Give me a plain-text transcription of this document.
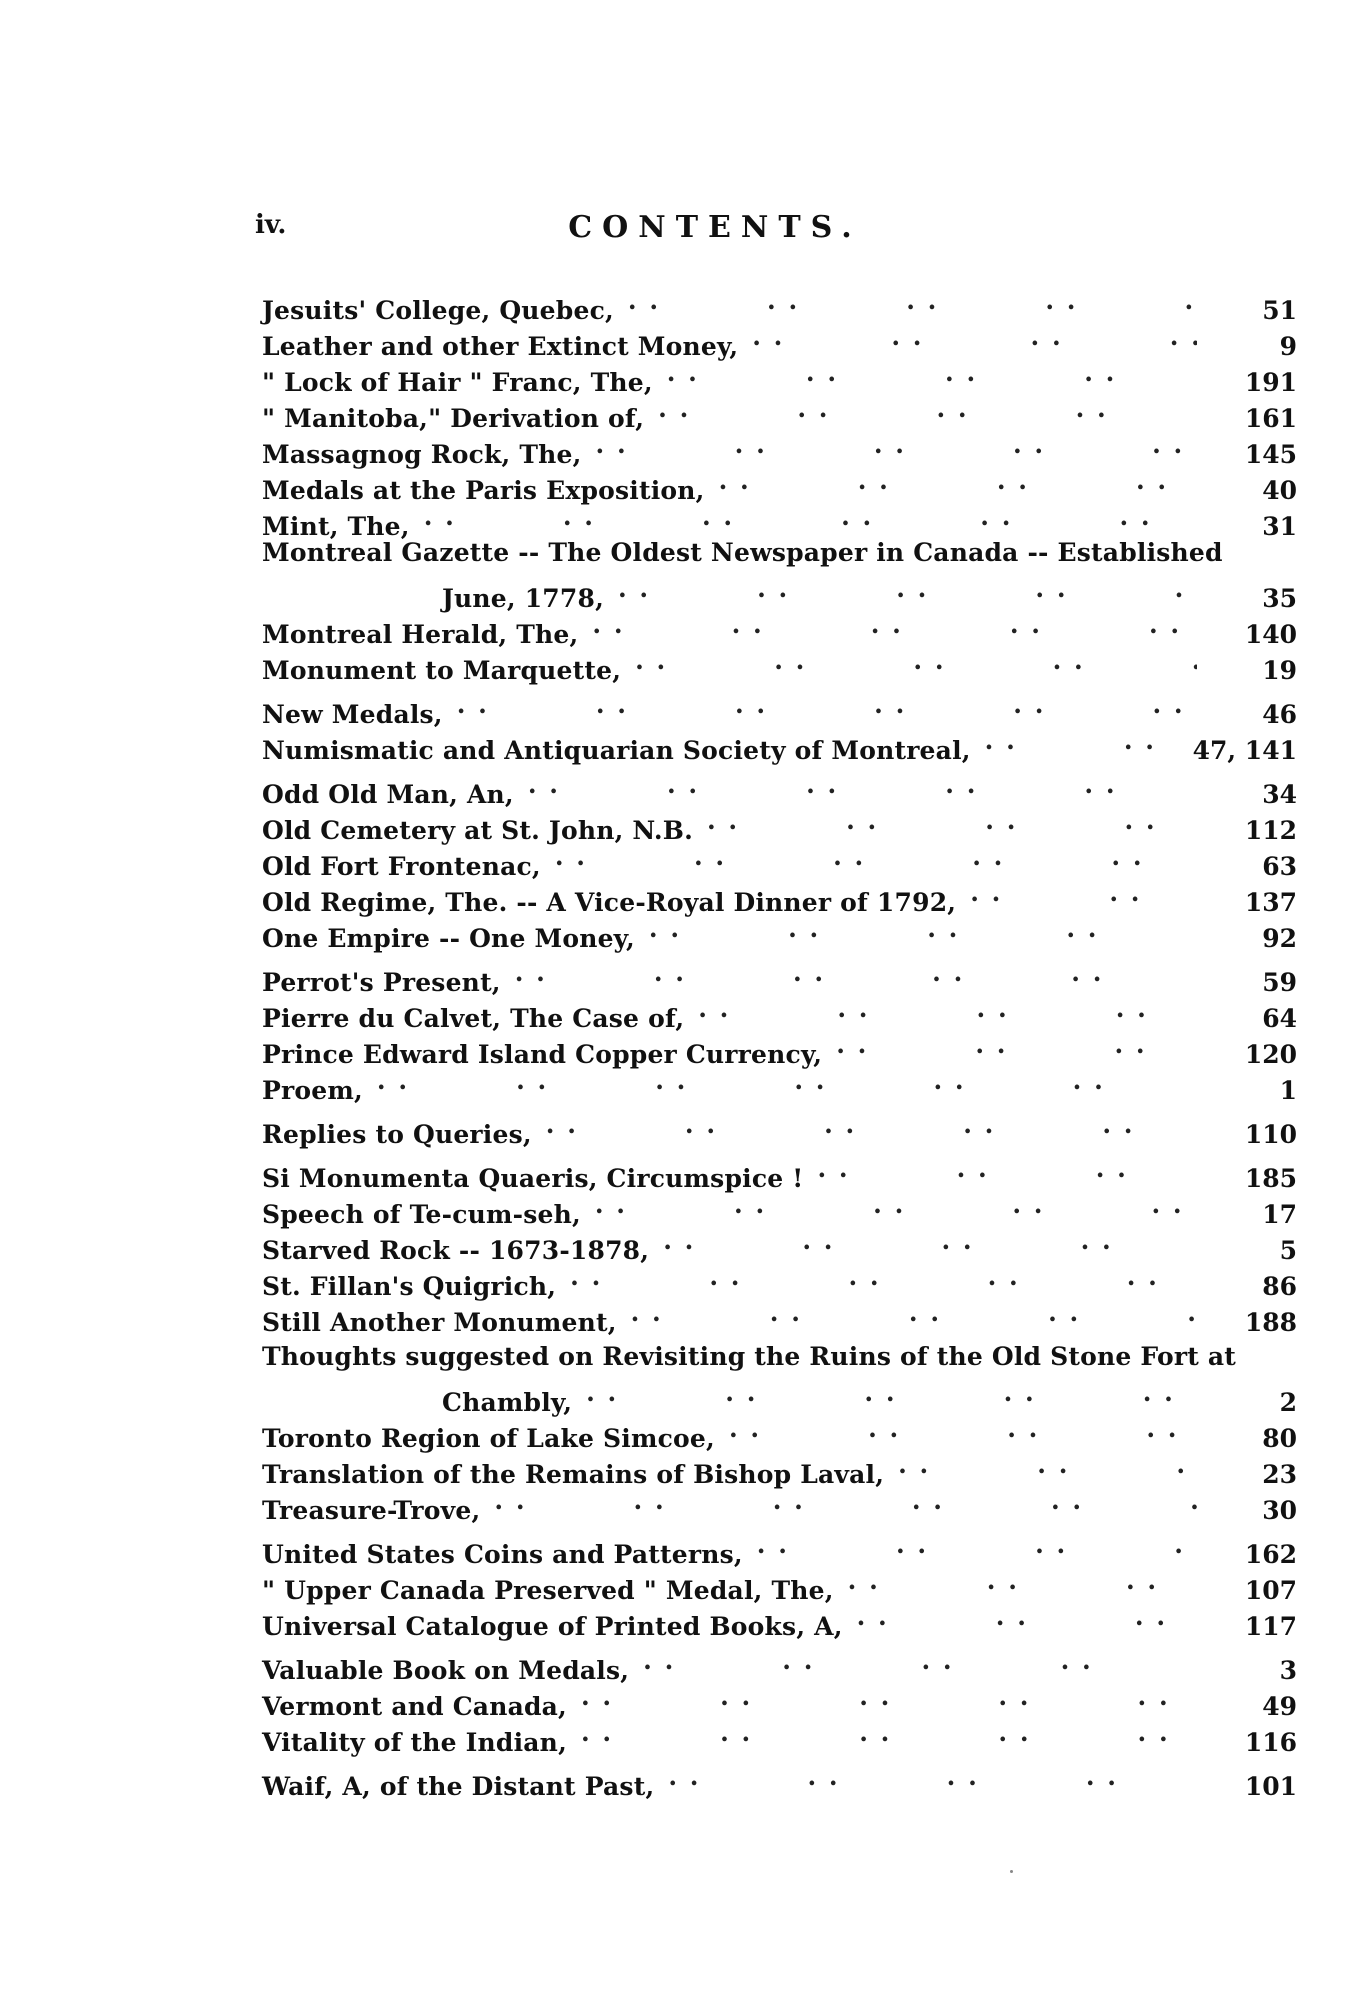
iv.	CONTENTS.
Jesuits' College, Quebec, . .	51
Leather and other Extinct Money, . .	9
" Lock of Hair " Franc, The, . .	191
" Manitoba," Derivation of, . .	161
Massagnog Rock, The, . .	145
Medals at the Paris Exposition, . .	40
Mint, The, . .	31
Montreal Gazette -- The Oldest Newspaper in Canada -- Established
June, 1778, . .	35
Montreal Herald, The, . .	140
Monument to Marquette, . .	19
New Medals, . .	46
Numismatic and Antiquarian Society of Montreal, . .	47, 141
Odd Old Man, An, . .	34
Old Cemetery at St. John, N.B. . .	112
Old Fort Frontenac, . .	63
Old Regime, The. -- A Vice-Royal Dinner of 1792, . .	137
One Empire -- One Money, . .	92
Perrot's Present, . .	59
Pierre du Calvet, The Case of, . .	64
Prince Edward Island Copper Currency, . .	120
Proem, . .	1
Replies to Queries, . .	110
Si Monumenta Quaeris, Circumspice ! . .	185
Speech of Te-cum-seh, . .	17
Starved Rock -- 1673-1878, . .	5
St. Fillan's Quigrich, . .	86
Still Another Monument, . .	188
Thoughts suggested on Revisiting the Ruins of the Old Stone Fort at
Chambly, . .	2
Toronto Region of Lake Simcoe, . .	80
Translation of the Remains of Bishop Laval, . .	23
Treasure-Trove, . .	30
United States Coins and Patterns, . .	162
" Upper Canada Preserved " Medal, The, . .	107
Universal Catalogue of Printed Books, A, . .	117
Valuable Book on Medals, . .	3
Vermont and Canada, . .	49
Vitality of the Indian, . .	116
Waif, A, of the Distant Past, . .	101
